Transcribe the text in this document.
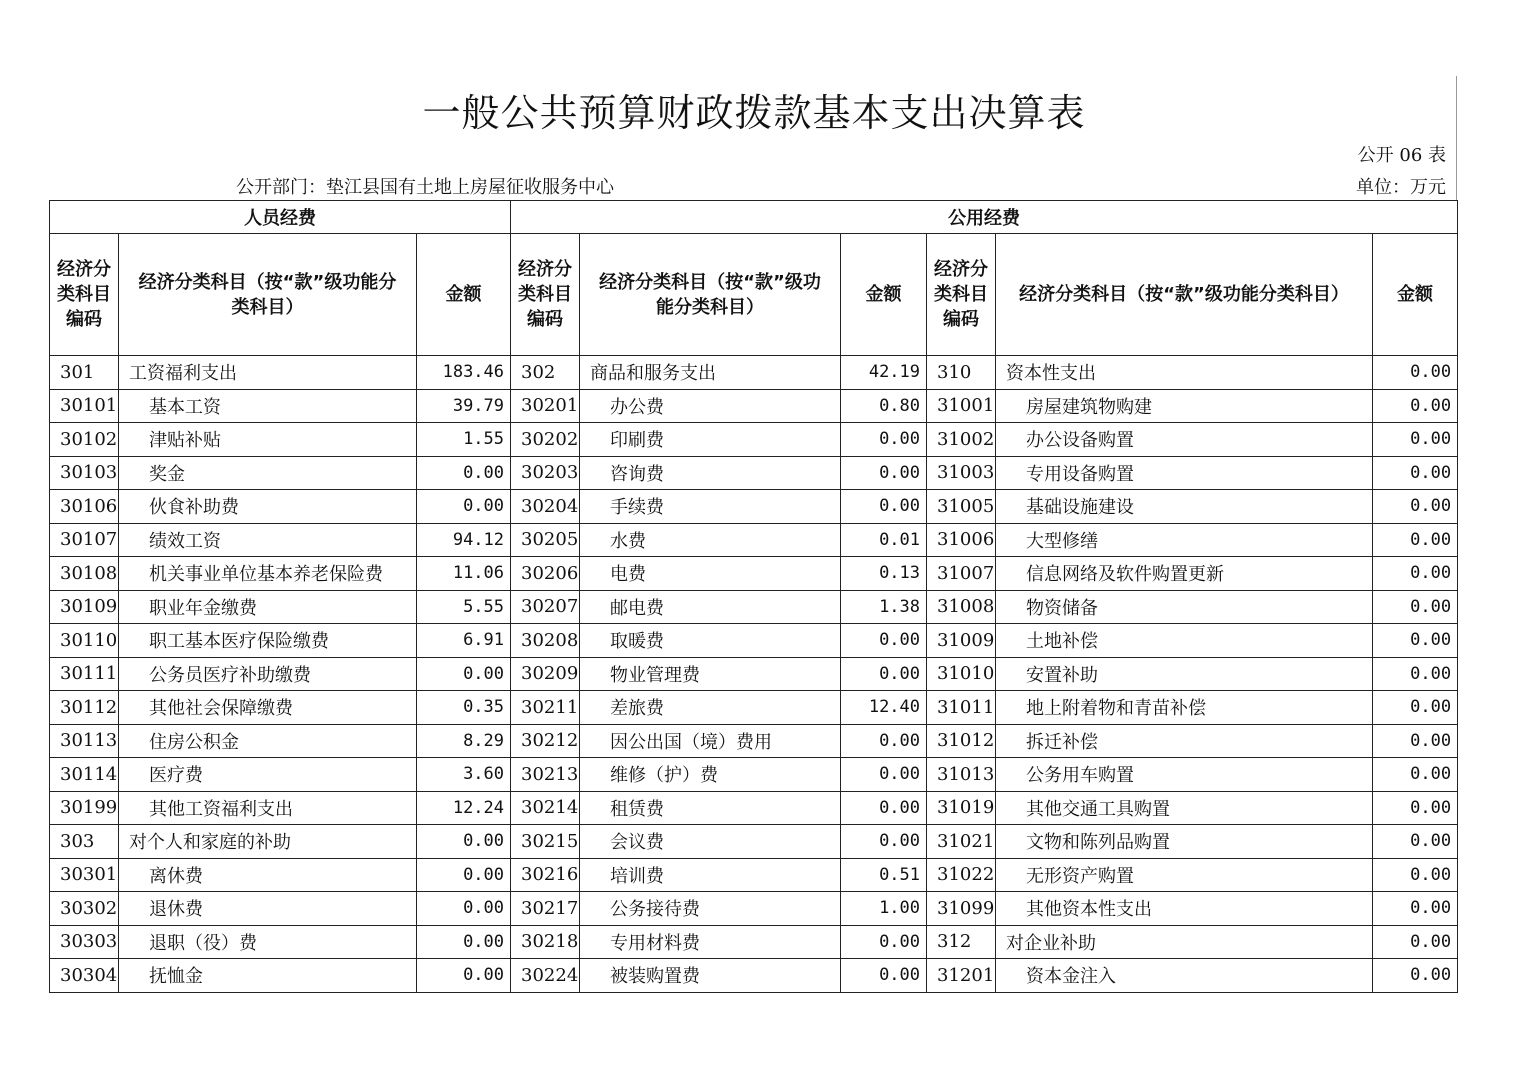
一般公共预算财政拨款基本支出决算表
公开 06 表
公开部门：垫江县国有土地上房屋征收服务中心	单位：万元
人员经费			公用经费					
经济分类科目编码	经济分类科目（按“款”级功能分类科目）	金额	经济分类科目编码	经济分类科目（按“款”级功能分类科目）	金额	经济分类科目编码	经济分类科目（按“款”级功能分类科目）	金额
301	工资福利支出	183.46	302	商品和服务支出	42.19	310	资本性支出	0.00
30101	基本工资	39.79	30201	办公费	0.80	31001	房屋建筑物购建	0.00
30102	津贴补贴	1.55	30202	印刷费	0.00	31002	办公设备购置	0.00
30103	奖金	0.00	30203	咨询费	0.00	31003	专用设备购置	0.00
30106	伙食补助费	0.00	30204	手续费	0.00	31005	基础设施建设	0.00
30107	绩效工资	94.12	30205	水费	0.01	31006	大型修缮	0.00
30108	机关事业单位基本养老保险费	11.06	30206	电费	0.13	31007	信息网络及软件购置更新	0.00
30109	职业年金缴费	5.55	30207	邮电费	1.38	31008	物资储备	0.00
30110	职工基本医疗保险缴费	6.91	30208	取暖费	0.00	31009	土地补偿	0.00
30111	公务员医疗补助缴费	0.00	30209	物业管理费	0.00	31010	安置补助	0.00
30112	其他社会保障缴费	0.35	30211	差旅费	12.40	31011	地上附着物和青苗补偿	0.00
30113	住房公积金	8.29	30212	因公出国（境）费用	0.00	31012	拆迁补偿	0.00
30114	医疗费	3.60	30213	维修（护）费	0.00	31013	公务用车购置	0.00
30199	其他工资福利支出	12.24	30214	租赁费	0.00	31019	其他交通工具购置	0.00
303	对个人和家庭的补助	0.00	30215	会议费	0.00	31021	文物和陈列品购置	0.00
30301	离休费	0.00	30216	培训费	0.51	31022	无形资产购置	0.00
30302	退休费	0.00	30217	公务接待费	1.00	31099	其他资本性支出	0.00
30303	退职（役）费	0.00	30218	专用材料费	0.00	312	对企业补助	0.00
30304	抚恤金	0.00	30224	被装购置费	0.00	31201	资本金注入	0.00
